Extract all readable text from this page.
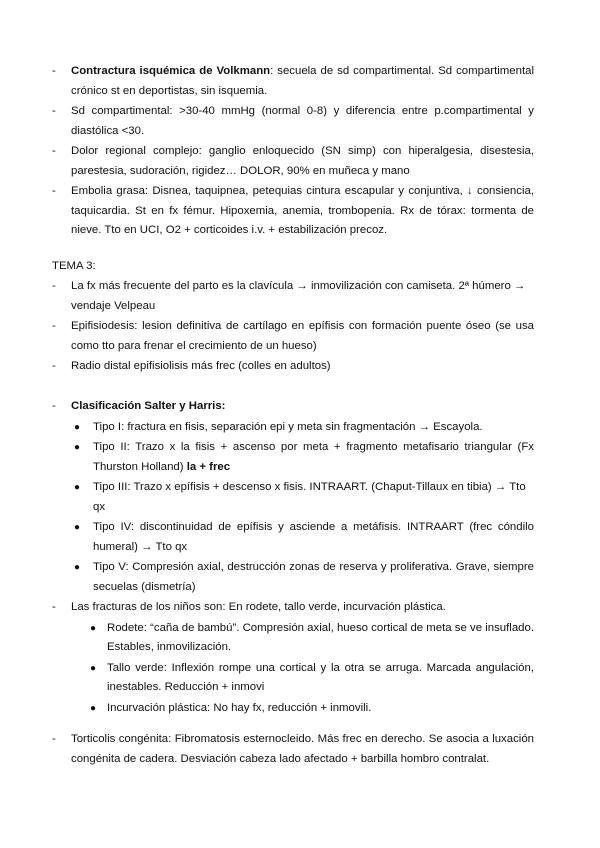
- Contractura isquémica de Volkmann: secuela de sd compartimental. Sd compartimental crónico st en deportistas, sin isquemia.
- Sd compartimental: >30-40 mmHg (normal 0-8) y diferencia entre p.compartimental y diastólica <30.
- Dolor regional complejo: ganglio enloquecido (SN simp) con hiperalgesia, disestesia, parestesia, sudoración, rigidez… DOLOR, 90% en muñeca y mano
- Embolia grasa: Disnea, taquipnea, petequias cintura escapular y conjuntiva, ↓ consiencia, taquicardia. St en fx fémur. Hipoxemia, anemia, trombopenia. Rx de tórax: tormenta de nieve. Tto en UCI, O2 + corticoides i.v. + estabilización precoz.
TEMA 3:
- La fx más frecuente del parto es la clavícula → inmovilización con camiseta. 2ª húmero → vendaje Velpeau
- Epifisiodesis: lesion definitiva de cartílago en epífisis con formación puente óseo (se usa como tto para frenar el crecimiento de un hueso)
- Radio distal epifisiolisis más frec (colles en adultos)
- Clasificación Salter y Harris:
● Tipo I: fractura en fisis, separación epi y meta sin fragmentación → Escayola.
● Tipo II: Trazo x la fisis + ascenso por meta + fragmento metafisario triangular (Fx Thurston Holland) la + frec
● Tipo III: Trazo x epífisis + descenso x fisis. INTRAART. (Chaput-Tillaux en tibia) → Tto qx
● Tipo IV: discontinuidad de epífisis y asciende a metáfisis. INTRAART (frec cóndilo humeral) → Tto qx
● Tipo V: Compresión axial, destrucción zonas de reserva y proliferativa. Grave, siempre secuelas (dismetría)
- Las fracturas de los niños son: En rodete, tallo verde, incurvación plástica.
● Rodete: “caña de bambú”. Compresión axial, hueso cortical de meta se ve insuflado. Estables, inmovilización.
● Tallo verde: Inflexión rompe una cortical y la otra se arruga. Marcada angulación, inestables. Reducción + inmovi
● Incurvación plástica: No hay fx, reducción + inmovili.
- Torticolis congénita: Fibromatosis esternocleido. Más frec en derecho. Se asocia a luxación congénita de cadera. Desviación cabeza lado afectado + barbilla hombro contralat.
